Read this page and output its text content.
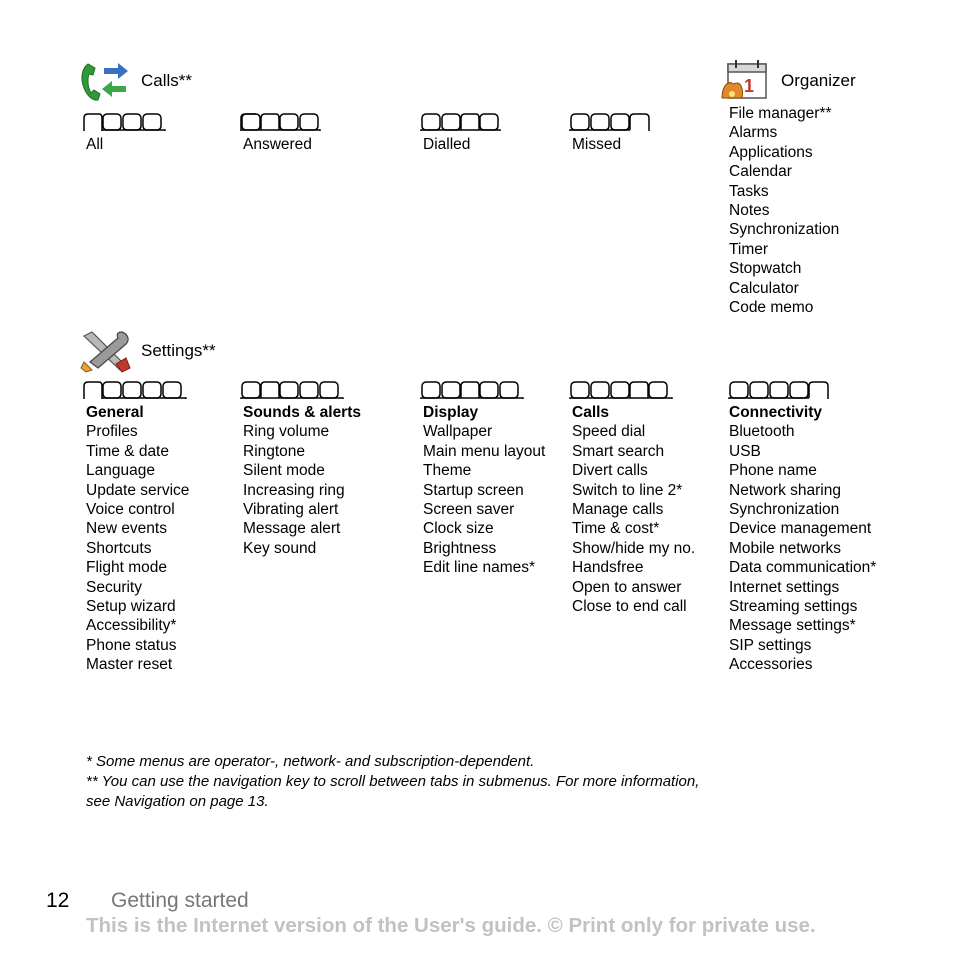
Calls**
All	Answered	Dialled	Missed
1 Organizer
File manager**
Alarms
Applications
Calendar
Tasks
Notes
Synchronization
Timer
Stopwatch
Calculator
Code memo
Settings**
General
Profiles
Time & date
Language
Update service
Voice control
New events
Shortcuts
Flight mode
Security
Setup wizard
Accessibility*
Phone status
Master reset
Sounds & alerts
Ring volume
Ringtone
Silent mode
Increasing ring
Vibrating alert
Message alert
Key sound
Display
Wallpaper
Main menu layout
Theme
Startup screen
Screen saver
Clock size
Brightness
Edit line names*
Calls
Speed dial
Smart search
Divert calls
Switch to line 2*
Manage calls
Time & cost*
Show/hide my no.
Handsfree
Open to answer
Close to end call
Connectivity
Bluetooth
USB
Phone name
Network sharing
Synchronization
Device management
Mobile networks
Data communication*
Internet settings
Streaming settings
Message settings*
SIP settings
Accessories
* Some menus are operator-, network- and subscription-dependent.
** You can use the navigation key to scroll between tabs in submenus. For more information,
see Navigation on page 13.
12 Getting started
This is the Internet version of the User's guide. © Print only for private use.
